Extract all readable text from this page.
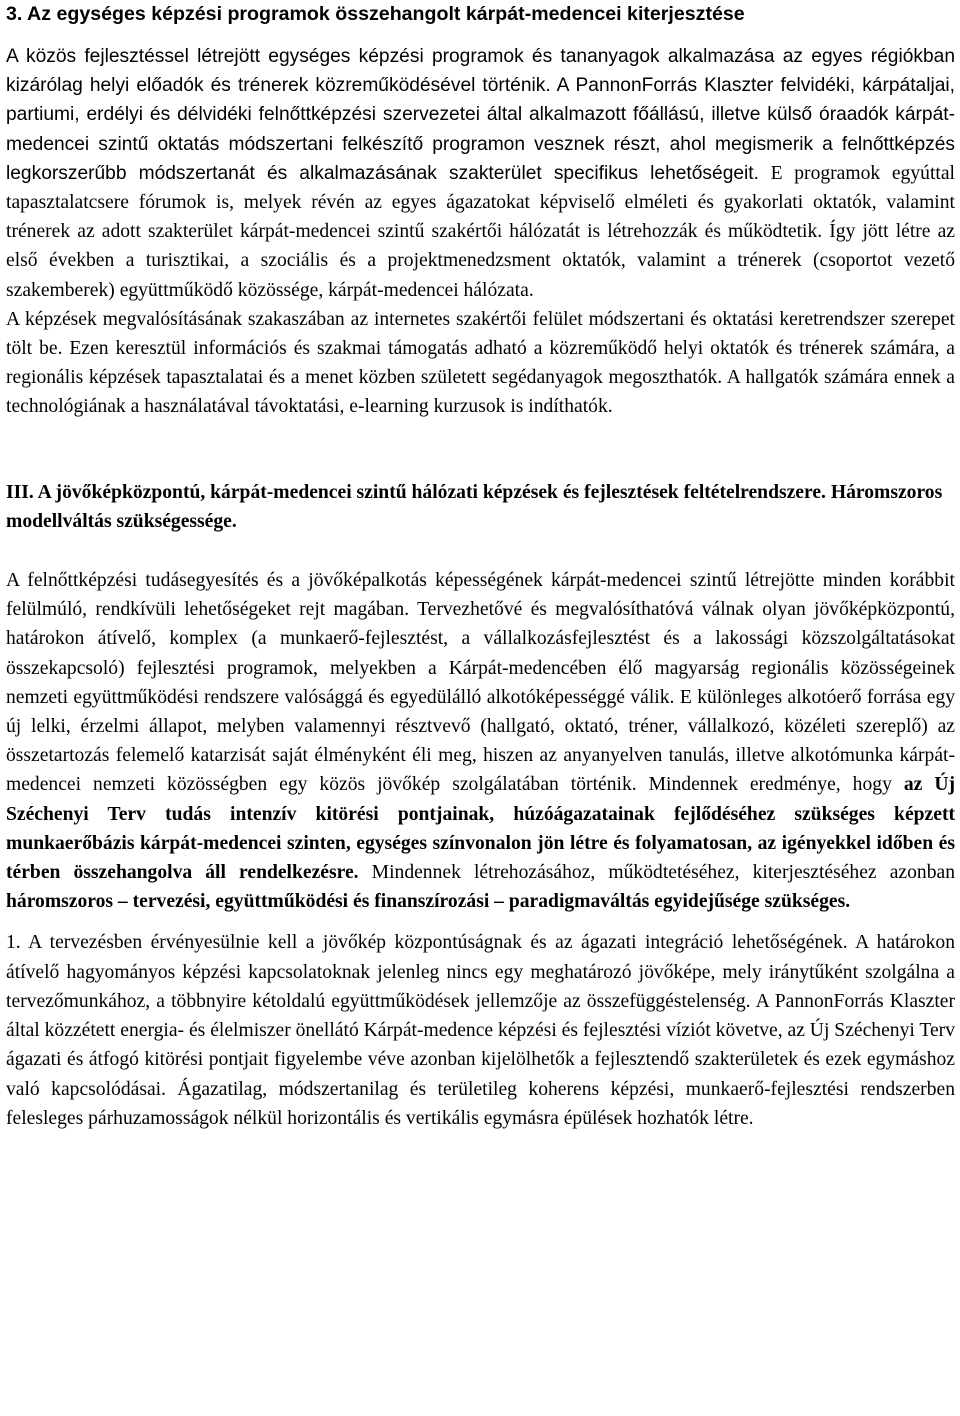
3. Az egységes képzési programok összehangolt kárpát-medencei kiterjesztése

A közös fejlesztéssel létrejött egységes képzési programok és tananyagok alkalmazása az egyes régiókban kizárólag helyi előadók és trénerek közreműködésével történik. A PannonForrás Klaszter felvidéki, kárpátaljai, partiumi, erdélyi és délvidéki felnőttképzési szervezetei által alkalmazott főállású, illetve külső óraadók kárpát-medencei szintű oktatás módszertani felkészítő programon vesznek részt, ahol megismerik a felnőttképzés legkorszerűbb módszertanát és alkalmazásának szakterület specifikus lehetőségeit. E programok egyúttal tapasztalatcsere fórumok is, melyek révén az egyes ágazatokat képviselő elméleti és gyakorlati oktatók, valamint trénerek az adott szakterület kárpát-medencei szintű szakértői hálózatát is létrehozzák és működtetik. Így jött létre az első években a turisztikai, a szociális és a projektmenedzsment oktatók, valamint a trénerek (csoportot vezető szakemberek) együttműködő közössége, kárpát-medencei hálózata.

A képzések megvalósításának szakaszában az internetes szakértői felület módszertani és oktatási keretrendszer szerepet tölt be. Ezen keresztül információs és szakmai támogatás adható a közreműködő helyi oktatók és trénerek számára, a regionális képzések tapasztalatai és a menet közben született segédanyagok megoszthatók. A hallgatók számára ennek a technológiának a használatával távoktatási, e-learning kurzusok is indíthatók.

III. A jövőképközpontú, kárpát-medencei szintű hálózati képzések és fejlesztések feltételrendszere. Háromszoros modellváltás szükségessége.

A felnőttképzési tudásegyesítés és a jövőképalkotás képességének kárpát-medencei szintű létrejötte minden korábbit felülmúló, rendkívüli lehetőségeket rejt magában. Tervezhetővé és megvalósíthatóvá válnak olyan jövőképközpontú, határokon átívelő, komplex (a munkaerő-fejlesztést, a vállalkozásfejlesztést és a lakossági közszolgáltatásokat összekapcsoló) fejlesztési programok, melyekben a Kárpát-medencében élő magyarság regionális közösségeinek nemzeti együttműködési rendszere valósággá és egyedülálló alkotóképességgé válik. E különleges alkotóerő forrása egy új lelki, érzelmi állapot, melyben valamennyi résztvevő (hallgató, oktató, tréner, vállalkozó, közéleti szereplő) az összetartozás felemelő katarzisát saját élményként éli meg, hiszen az anyanyelven tanulás, illetve alkotómunka kárpát-medencei nemzeti közösségben egy közös jövőkép szolgálatában történik. Mindennek eredménye, hogy az Új Széchenyi Terv tudás intenzív kitörési pontjainak, húzóágazatainak fejlődéséhez szükséges képzett munkaerőbázis kárpát-medencei szinten, egységes színvonalon jön létre és folyamatosan, az igényekkel időben és térben összehangolva áll rendelkezésre. Mindennek létrehozásához, működtetéséhez, kiterjesztéséhez azonban háromszoros – tervezési, együttműködési és finanszírozási – paradigmaváltás egyidejűsége szükséges.

1. A tervezésben érvényesülnie kell a jövőkép központúságnak és az ágazati integráció lehetőségének. A határokon átívelő hagyományos képzési kapcsolatoknak jelenleg nincs egy meghatározó jövőképe, mely iránytűként szolgálna a tervezőmunkához, a többnyire kétoldalú együttműködések jellemzője az összefüggéstelenség. A PannonForrás Klaszter által közzétett energia- és élelmiszer önellátó Kárpát-medence képzési és fejlesztési víziót követve, az Új Széchenyi Terv ágazati és átfogó kitörési pontjait figyelembe véve azonban kijelölhetők a fejlesztendő szakterületek és ezek egymáshoz való kapcsolódásai. Ágazatilag, módszertanilag és területileg koherens képzési, munkaerő-fejlesztési rendszerben felesleges párhuzamosságok nélkül horizontális és vertikális egymásra épülések hozhatók létre.
